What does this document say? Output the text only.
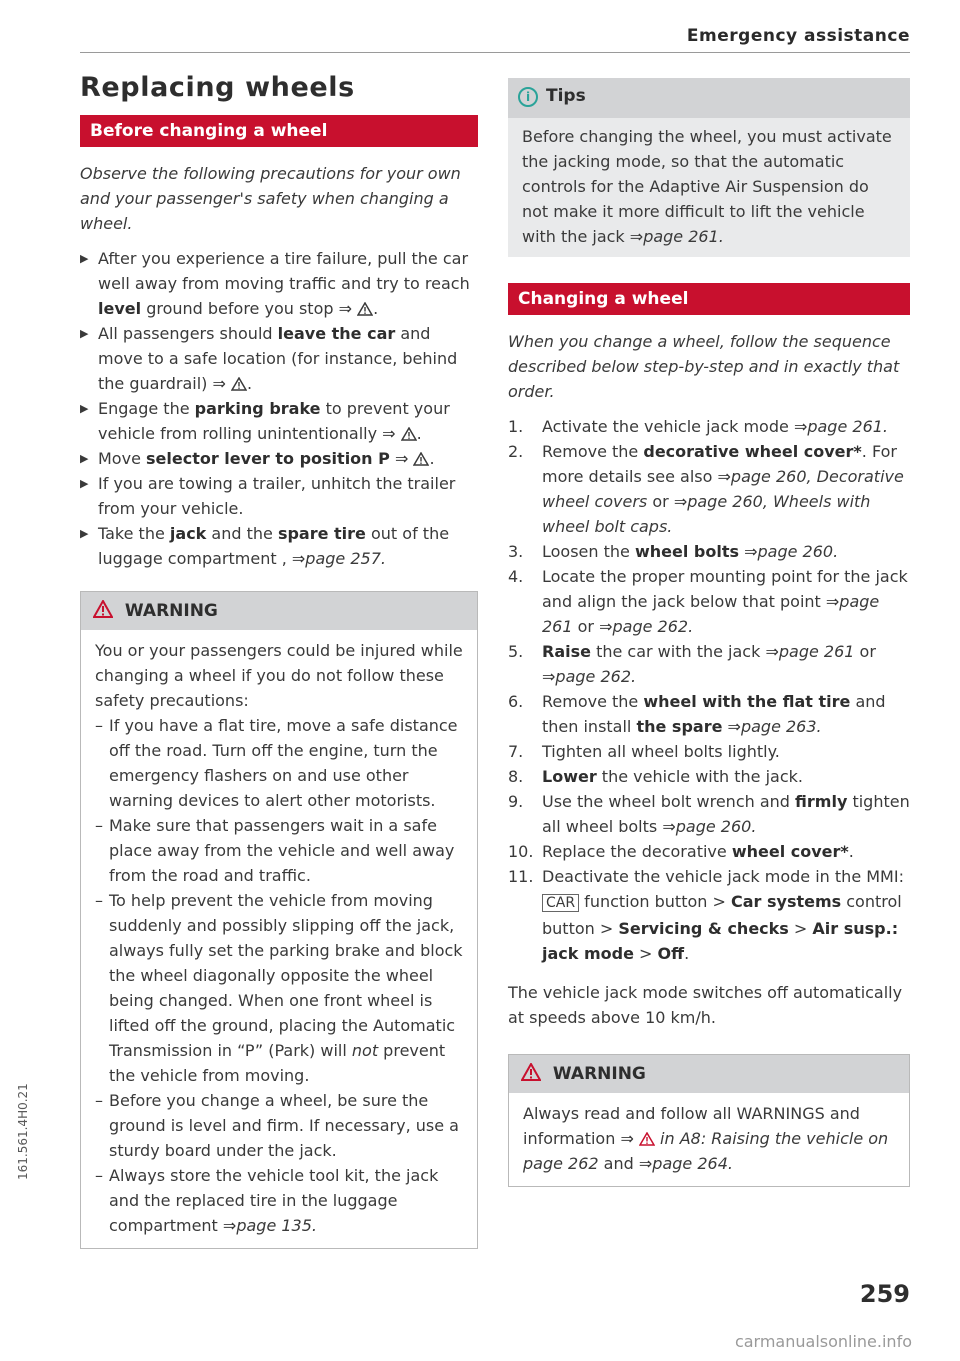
Emergency assistance
Replacing wheels
Before changing a wheel

Observe the following precautions for your own and your passenger's safety when changing a wheel.

▶ After you experience a tire failure, pull the car well away from moving traffic and try to reach level ground before you stop ⇒ .
▶ All passengers should leave the car and move to a safe location (for instance, behind the guardrail) ⇒ .
▶ Engage the parking brake to prevent your vehicle from rolling unintentionally ⇒ .
▶ Move selector lever to position P ⇒ .
▶ If you are towing a trailer, unhitch the trailer from your vehicle.
▶ Take the jack and the spare tire out of the luggage compartment , ⇒page 257.
WARNING

You or your passengers could be injured while changing a wheel if you do not follow these safety precautions:

– If you have a flat tire, move a safe distance off the road. Turn off the engine, turn the emergency flashers on and use other warning devices to alert other motorists.
– Make sure that passengers wait in a safe place away from the vehicle and well away from the road and traffic.
– To help prevent the vehicle from moving suddenly and possibly slipping off the jack, always fully set the parking brake and block the wheel diagonally opposite the wheel being changed. When one front wheel is lifted off the ground, placing the Automatic Transmission in “P” (Park) will not prevent the vehicle from moving.
– Before you change a wheel, be sure the ground is level and firm. If necessary, use a sturdy board under the jack.
– Always store the vehicle tool kit, the jack and the replaced tire in the luggage compartment ⇒page 135.
i Tips
Before changing the wheel, you must activate the jacking mode, so that the automatic controls for the Adaptive Air Suspension do not make it more difficult to lift the vehicle with the jack ⇒page 261.
Changing a wheel

When you change a wheel, follow the sequence described below step-by-step and in exactly that order.

1. Activate the vehicle jack mode ⇒page 261.
2. Remove the decorative wheel cover*. For more details see also ⇒page 260, Decorative wheel covers or ⇒page 260, Wheels with wheel bolt caps.
3. Loosen the wheel bolts ⇒page 260.
4. Locate the proper mounting point for the jack and align the jack below that point ⇒page 261 or ⇒page 262.
5. Raise the car with the jack ⇒page 261 or ⇒page 262.
6. Remove the wheel with the flat tire and then install the spare ⇒page 263.
7. Tighten all wheel bolts lightly.
8. Lower the vehicle with the jack.
9. Use the wheel bolt wrench and firmly tighten all wheel bolts ⇒page 260.
10. Replace the decorative wheel cover*.
11. Deactivate the vehicle jack mode in the MMI:
CAR function button > Car systems control button > Servicing & checks > Air susp.: jack mode > Off.

The vehicle jack mode switches off automatically at speeds above 10 km/h.

WARNING
Always read and follow all WARNINGS and information ⇒ in A8: Raising the vehicle on page 262 and ⇒page 264.
259
161.561.4H0.21
carmanualsonline.info
